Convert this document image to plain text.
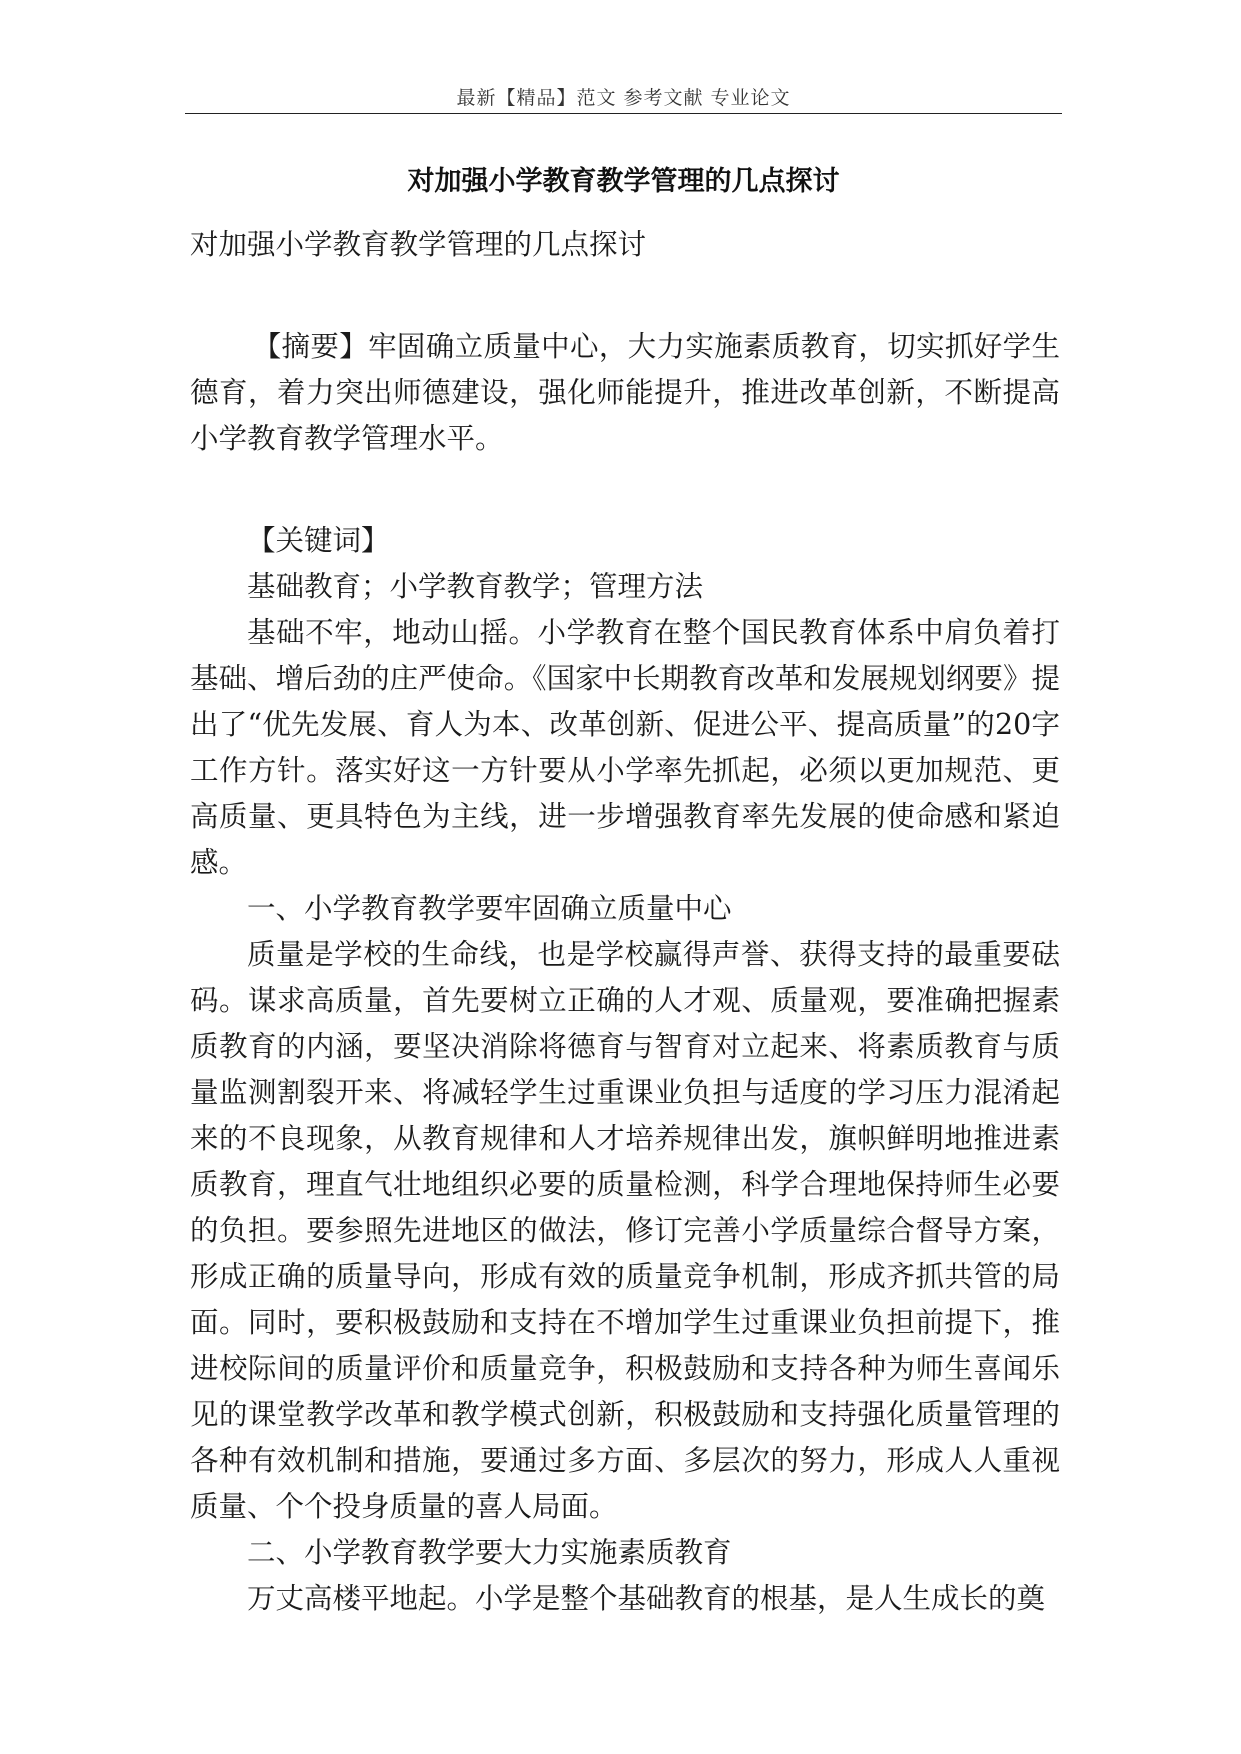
最新【精品】范文 参考文献 专业论文
对加强小学教育教学管理的几点探讨

对加强小学教育教学管理的几点探讨

【摘要】牢固确立质量中心，大力实施素质教育，切实抓好学生德育，着力突出师德建设，强化师能提升，推进改革创新，不断提高小学教育教学管理水平。

【关键词】

基础教育；小学教育教学；管理方法

基础不牢，地动山摇。小学教育在整个国民教育体系中肩负着打基础、增后劲的庄严使命。《国家中长期教育改革和发展规划纲要》提出了“优先发展、育人为本、改革创新、促进公平、提高质量”的20字工作方针。落实好这一方针要从小学率先抓起，必须以更加规范、更高质量、更具特色为主线，进一步增强教育率先发展的使命感和紧迫感。

一、小学教育教学要牢固确立质量中心

质量是学校的生命线，也是学校赢得声誉、获得支持的最重要砝码。谋求高质量，首先要树立正确的人才观、质量观，要准确把握素质教育的内涵，要坚决消除将德育与智育对立起来、将素质教育与质量监测割裂开来、将减轻学生过重课业负担与适度的学习压力混淆起来的不良现象，从教育规律和人才培养规律出发，旗帜鲜明地推进素质教育，理直气壮地组织必要的质量检测，科学合理地保持师生必要的负担。要参照先进地区的做法，修订完善小学质量综合督导方案，形成正确的质量导向，形成有效的质量竞争机制，形成齐抓共管的局面。同时，要积极鼓励和支持在不增加学生过重课业负担前提下，推进校际间的质量评价和质量竞争，积极鼓励和支持各种为师生喜闻乐见的课堂教学改革和教学模式创新，积极鼓励和支持强化质量管理的各种有效机制和措施，要通过多方面、多层次的努力，形成人人重视质量、个个投身质量的喜人局面。

二、小学教育教学要大力实施素质教育

万丈高楼平地起。小学是整个基础教育的根基，是人生成长的奠
